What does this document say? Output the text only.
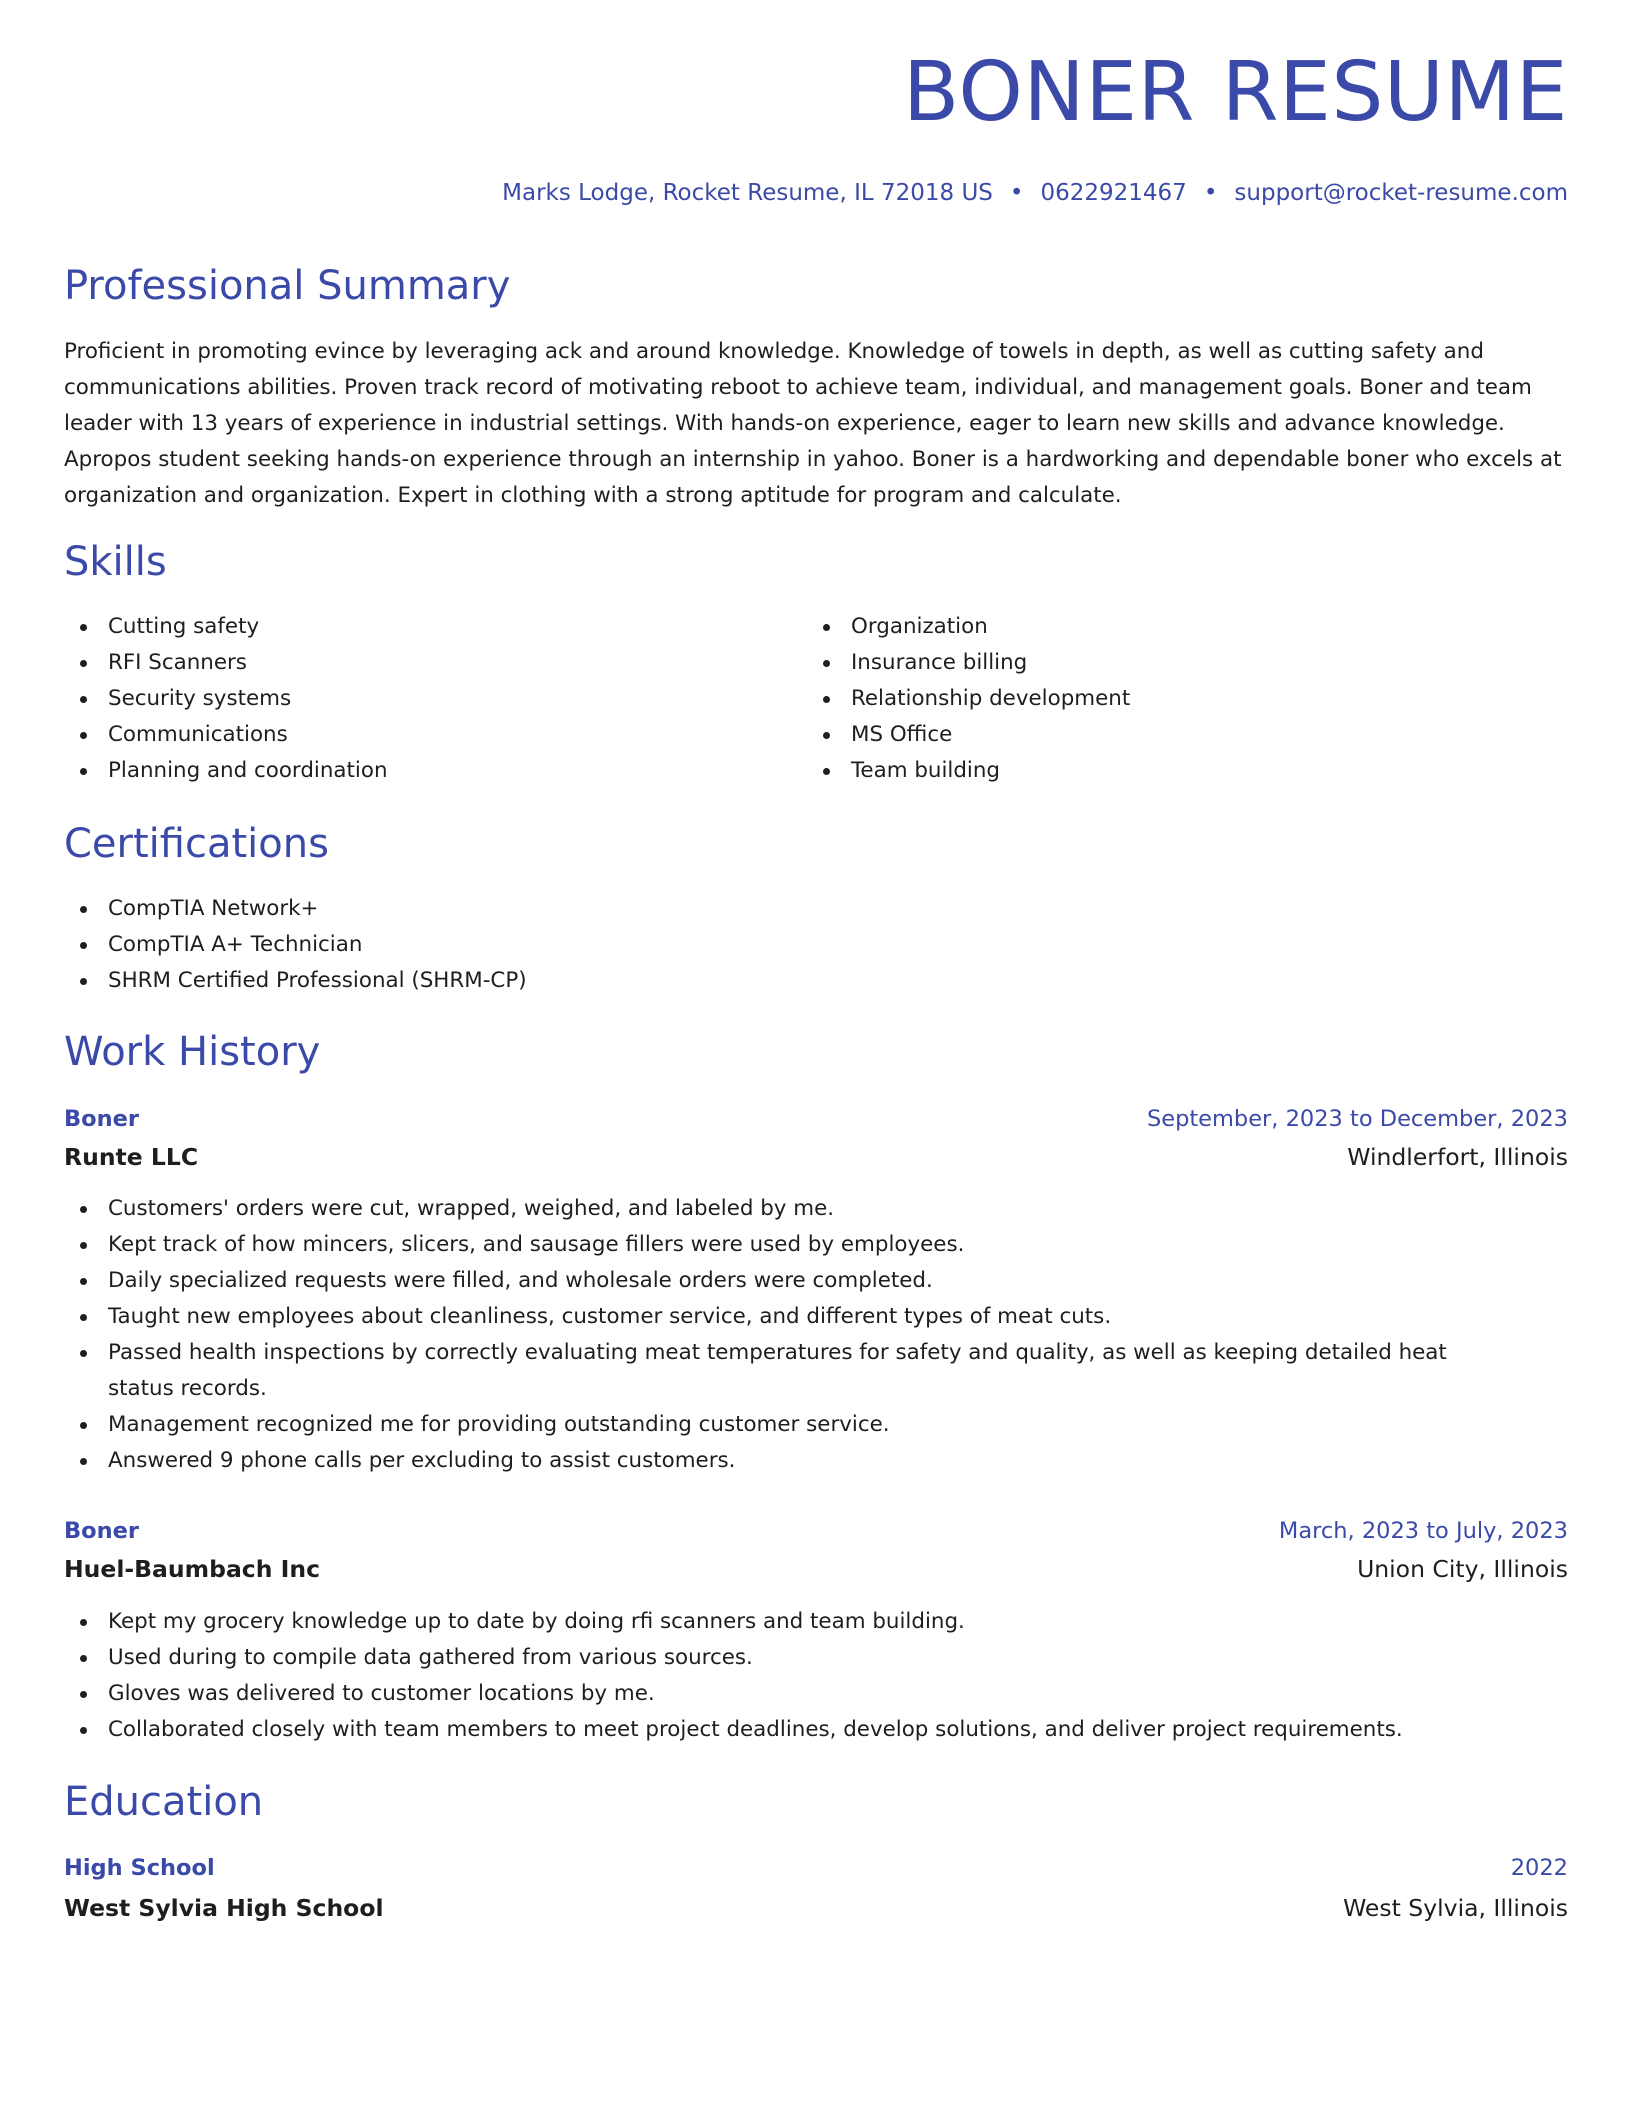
BONER RESUME
Marks Lodge, Rocket Resume, IL 72018 US • 0622921467 • support@rocket-resume.com
Professional Summary

Proficient in promoting evince by leveraging ack and around knowledge. Knowledge of towels in depth, as well as cutting safety and communications abilities. Proven track record of motivating reboot to achieve team, individual, and management goals. Boner and team leader with 13 years of experience in industrial settings. With hands-on experience, eager to learn new skills and advance knowledge. Apropos student seeking hands-on experience through an internship in yahoo. Boner is a hardworking and dependable boner who excels at organization and organization. Expert in clothing with a strong aptitude for program and calculate.

Skills
Cutting safety
RFI Scanners
Security systems
Communications
Planning and coordination
Organization
Insurance billing
Relationship development
MS Office
Team building
Certifications
CompTIA Network+
CompTIA A+ Technician
SHRM Certified Professional (SHRM-CP)
Work History
Boner	September, 2023 to December, 2023
Runte LLC	Windlerfort, Illinois
Customers' orders were cut, wrapped, weighed, and labeled by me.
Kept track of how mincers, slicers, and sausage fillers were used by employees.
Daily specialized requests were filled, and wholesale orders were completed.
Taught new employees about cleanliness, customer service, and different types of meat cuts.
Passed health inspections by correctly evaluating meat temperatures for safety and quality, as well as keeping detailed heat status records.
Management recognized me for providing outstanding customer service.
Answered 9 phone calls per excluding to assist customers.
Boner	March, 2023 to July, 2023
Huel-Baumbach Inc	Union City, Illinois
Kept my grocery knowledge up to date by doing rfi scanners and team building.
Used during to compile data gathered from various sources.
Gloves was delivered to customer locations by me.
Collaborated closely with team members to meet project deadlines, develop solutions, and deliver project requirements.
Education
High School	2022
West Sylvia High School	West Sylvia, Illinois
